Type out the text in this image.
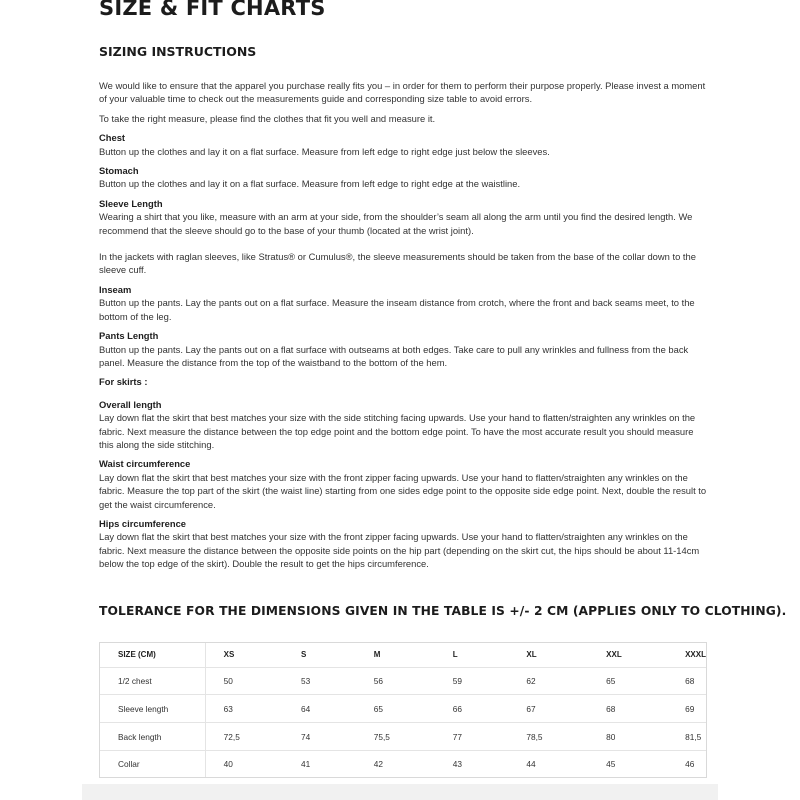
SIZE & FIT CHARTS
SIZING INSTRUCTIONS

We would like to ensure that the apparel you purchase really fits you – in order for them to perform their purpose properly. Please invest a moment of your valuable time to check out the measurements guide and corresponding size table to avoid errors.

To take the right measure, please find the clothes that fit you well and measure it.

Chest

Button up the clothes and lay it on a flat surface. Measure from left edge to right edge just below the sleeves.

Stomach

Button up the clothes and lay it on a flat surface. Measure from left edge to right edge at the waistline.

Sleeve Length

Wearing a shirt that you like, measure with an arm at your side, from the shoulder’s seam all along the arm until you find the desired length. We recommend that the sleeve should go to the base of your thumb (located at the wrist joint).

In the jackets with raglan sleeves, like Stratus® or Cumulus®, the sleeve measurements should be taken from the base of the collar down to the sleeve cuff.

Inseam

Button up the pants. Lay the pants out on a flat surface. Measure the inseam distance from crotch, where the front and back seams meet, to the bottom of the leg.

Pants Length

Button up the pants. Lay the pants out on a flat surface with outseams at both edges. Take care to pull any wrinkles and fullness from the back panel. Measure the distance from the top of the waistband to the bottom of the hem.

For skirts :
Overall length

Lay down flat the skirt that best matches your size with the side stitching facing upwards. Use your hand to flatten/straighten any wrinkles on the fabric. Next measure the distance between the top edge point and the bottom edge point. To have the most accurate result you should measure this along the side stitching.

Waist circumference

Lay down flat the skirt that best matches your size with the front zipper facing upwards. Use your hand to flatten/straighten any wrinkles on the fabric. Measure the top part of the skirt (the waist line) starting from one sides edge point to the opposite side edge point. Next, double the result to get the waist circumference.

Hips circumference

Lay down flat the skirt that best matches your size with the front zipper facing upwards. Use your hand to flatten/straighten any wrinkles on the fabric. Next measure the distance between the opposite side points on the hip part (depending on the skirt cut, the hips should be about 11-14cm below the top edge of the skirt). Double the result to get the hips circumference.

TOLERANCE FOR THE DIMENSIONS GIVEN IN THE TABLE IS +/- 2 CM (APPLIES ONLY TO CLOTHING).
SIZE (CM)	XS	S	M	L	XL	XXL	XXXL
1/2 chest	50	53	56	59	62	65	68
Sleeve length	63	64	65	66	67	68	69
Back length	72,5	74	75,5	77	78,5	80	81,5
Collar	40	41	42	43	44	45	46
